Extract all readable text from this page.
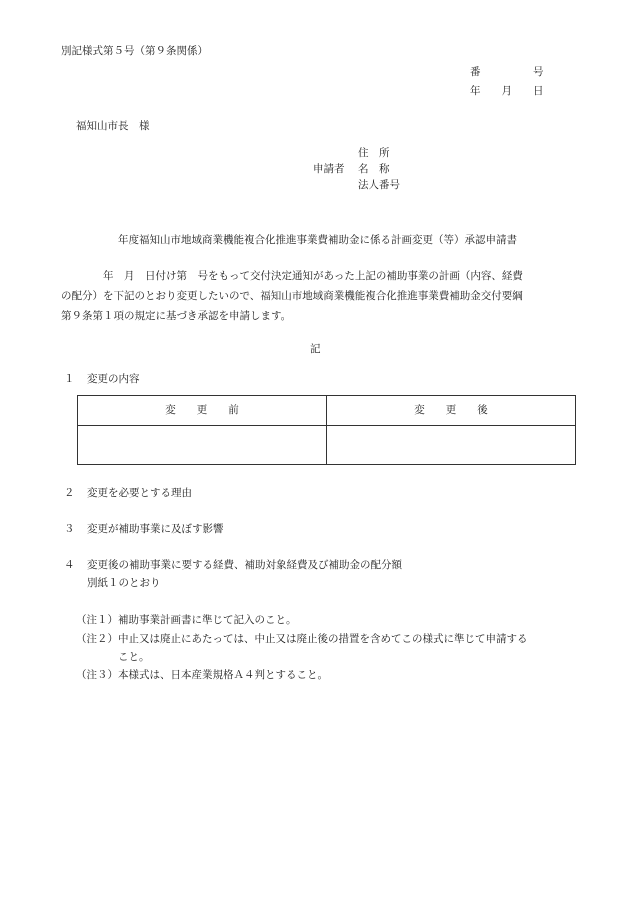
別記様式第５号（第９条関係）
番　　　　　号
年　　月　　日
福知山市長　様
住　所
申請者 名　称
法人番号
年度福知山市地域商業機能複合化推進事業費補助金に係る計画変更（等）承認申請書
　　　　年　月　日付け第　号をもって交付決定通知があった上記の補助事業の計画（内容、経費
の配分）を下記のとおり変更したいので、福知山市地域商業機能複合化推進事業費補助金交付要綱
第９条第１項の規定に基づき承認を申請します。
記
１ 変更の内容
変　　更　　前	変　　更　　後

２ 変更を必要とする理由
３ 変更が補助事業に及ぼす影響
４ 変更後の補助事業に要する経費、補助対象経費及び補助金の配分額
別紙１のとおり
（注１） 補助事業計画書に準じて記入のこと。
（注２） 中止又は廃止にあたっては、中止又は廃止後の措置を含めてこの様式に準じて申請する
こと。
（注３） 本様式は、日本産業規格Ａ４判とすること。
